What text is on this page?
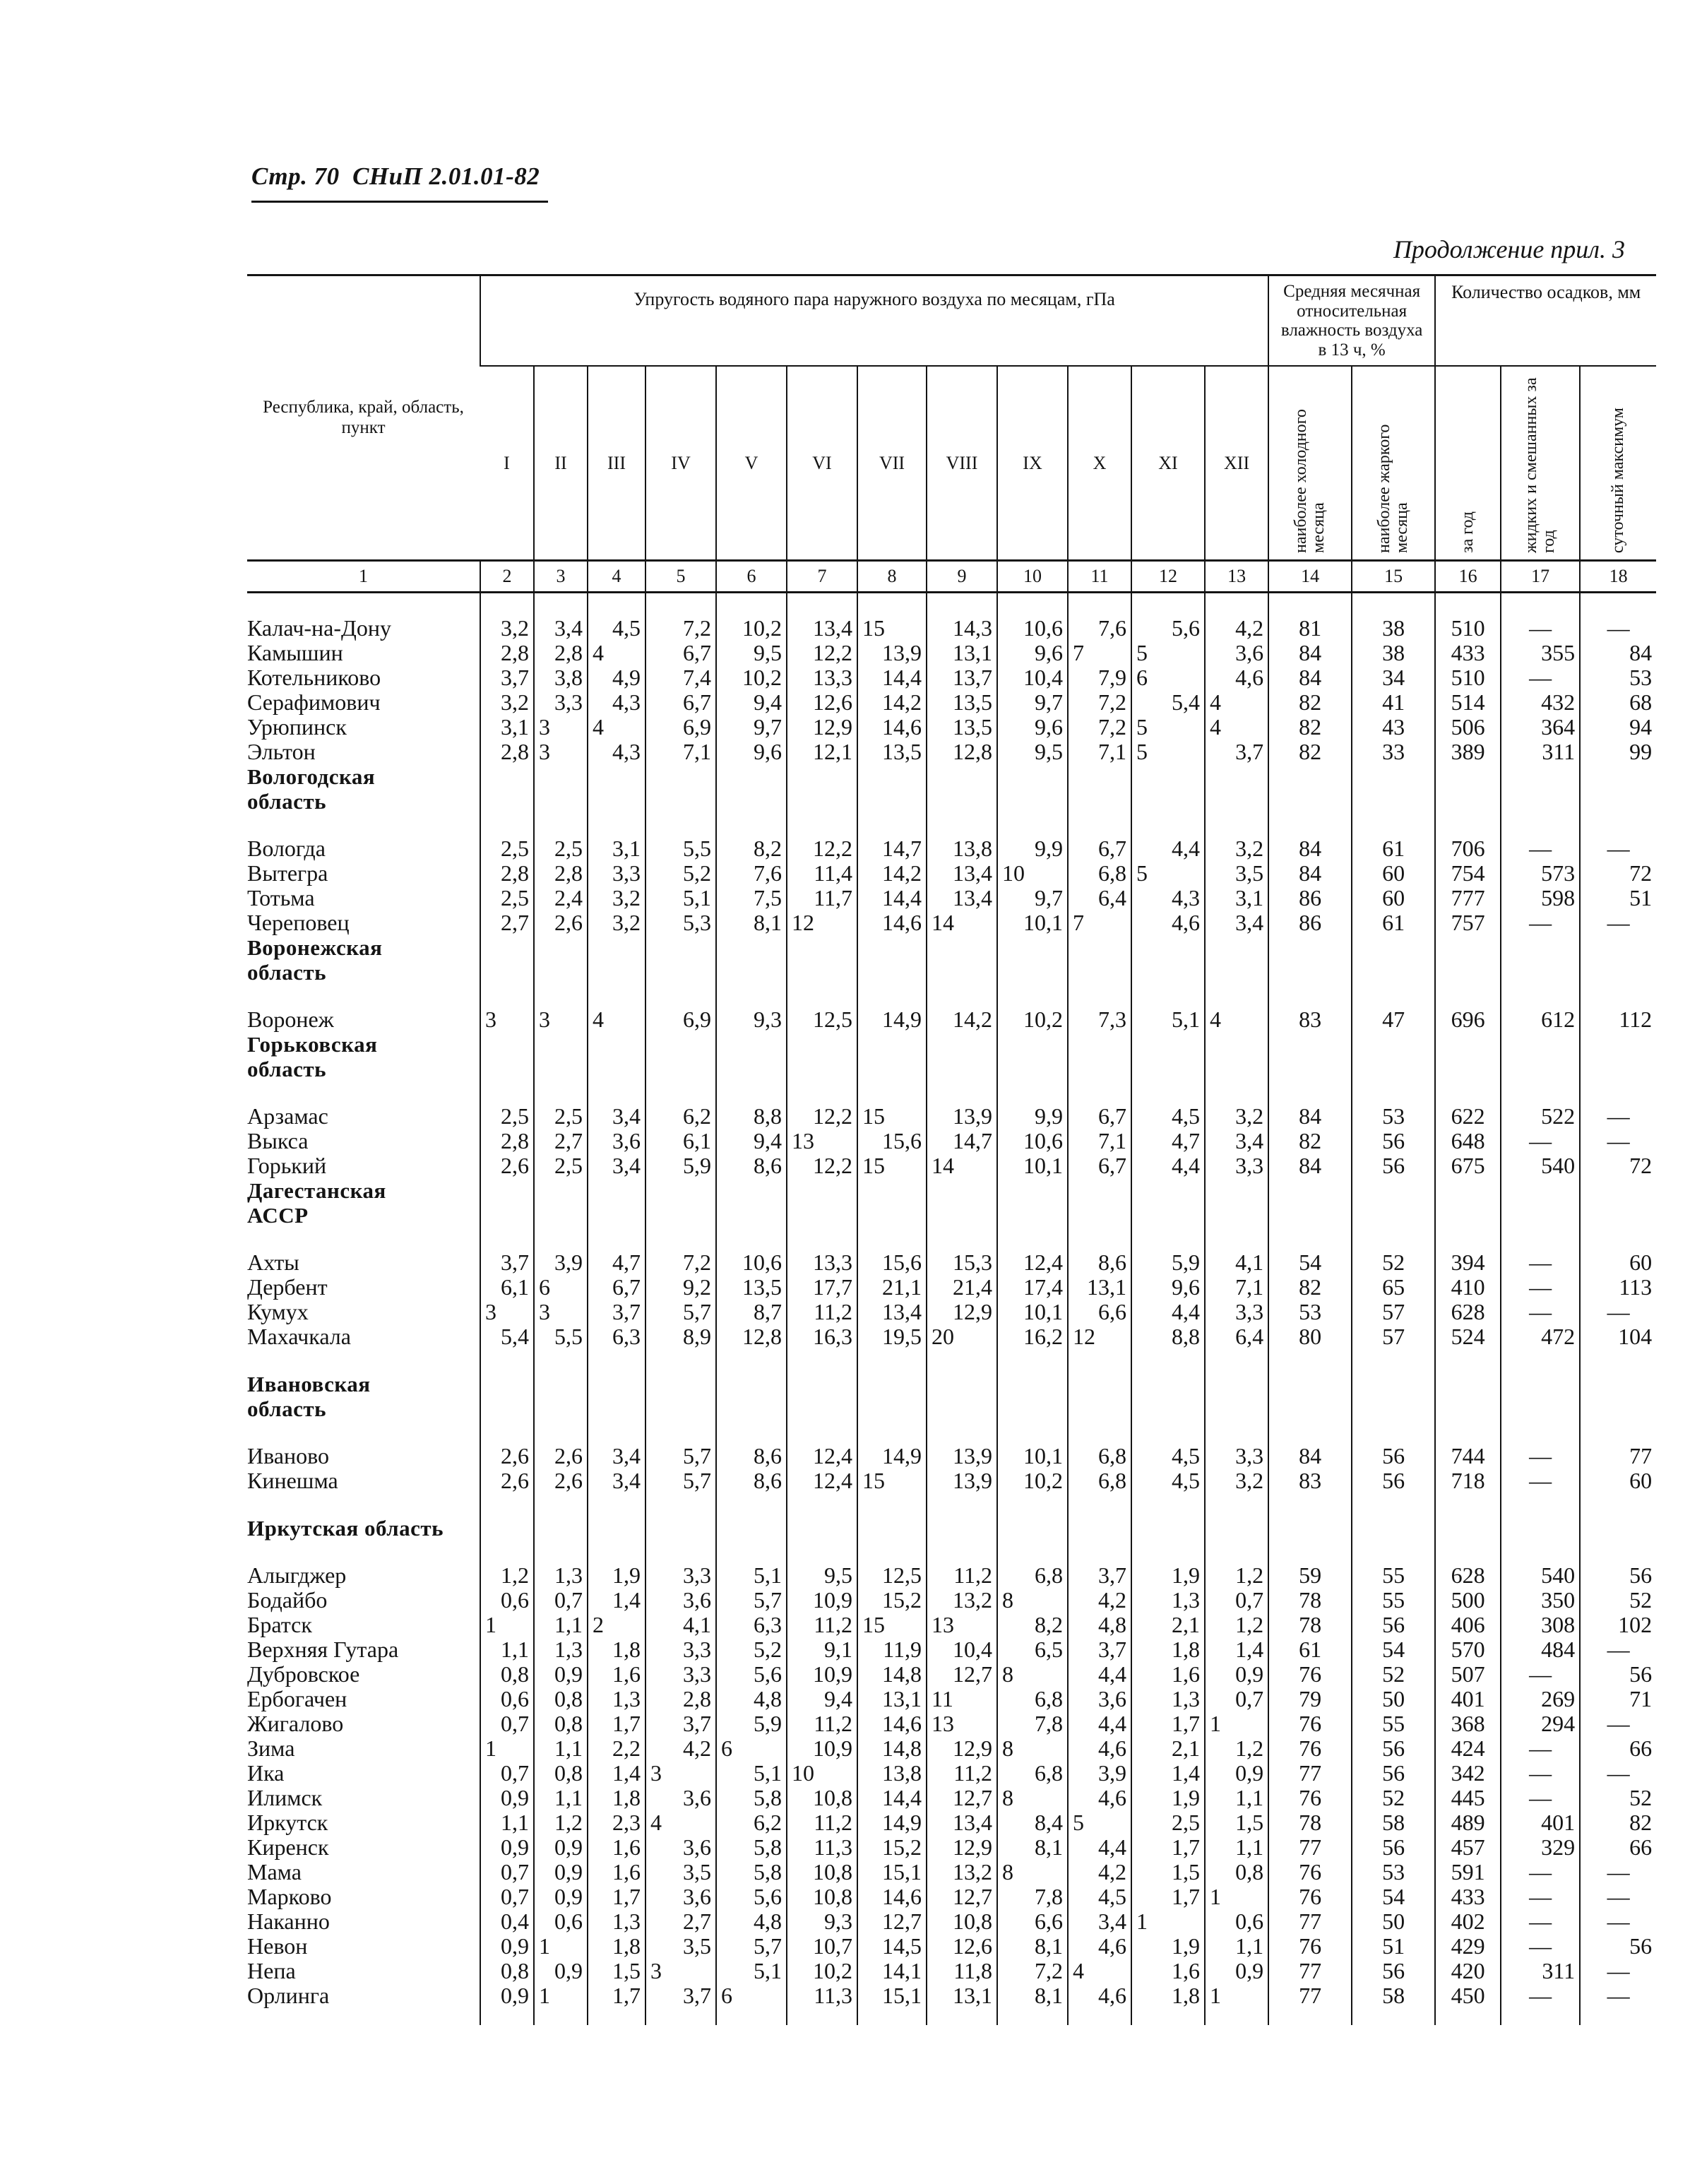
Стр. 70 СНиП 2.01.01-82
Продолжение прил. 3
Республика, край, область, пункт	Упругость водяного пара наружного воздуха по месяцам, гПа												Средняя месячная относительная влажность воздуха в 13 ч, %		Количество осадков, мм		
	I	II	III	IV	V	VI	VII	VIII	IX	X	XI	XII	наиболее холодного месяца	наиболее жаркого месяца	за год	жидких и смешанных за год	суточный максимум

1	2	3	4	5	6	7	8	9	10	11	12	13	14	15	16	17	18

Калач-на-Дону	3,2	3,4	4,5	7,2	10,2	13,4	15	14,3	10,6	7,6	5,6	4,2	81	38	510	—	—
Камышин	2,8	2,8	4	6,7	9,5	12,2	13,9	13,1	9,6	7	5	3,6	84	38	433	355	84
Котельниково	3,7	3,8	4,9	7,4	10,2	13,3	14,4	13,7	10,4	7,9	6	4,6	84	34	510	—	53
Серафимович	3,2	3,3	4,3	6,7	9,4	12,6	14,2	13,5	9,7	7,2	5,4	4	82	41	514	432	68
Урюпинск	3,1	3	4	6,9	9,7	12,9	14,6	13,5	9,6	7,2	5	4	82	43	506	364	94
Эльтон	2,8	3	4,3	7,1	9,6	12,1	13,5	12,8	9,5	7,1	5	3,7	82	33	389	311	99
Вологодская																	
область																	

Вологда	2,5	2,5	3,1	5,5	8,2	12,2	14,7	13,8	9,9	6,7	4,4	3,2	84	61	706	—	—
Вытегра	2,8	2,8	3,3	5,2	7,6	11,4	14,2	13,4	10	6,8	5	3,5	84	60	754	573	72
Тотьма	2,5	2,4	3,2	5,1	7,5	11,7	14,4	13,4	9,7	6,4	4,3	3,1	86	60	777	598	51
Череповец	2,7	2,6	3,2	5,3	8,1	12	14,6	14	10,1	7	4,6	3,4	86	61	757	—	—
Воронежская																	
область																	

Воронеж	3	3	4	6,9	9,3	12,5	14,9	14,2	10,2	7,3	5,1	4	83	47	696	612	112
Горьковская																	
область																	

Арзамас	2,5	2,5	3,4	6,2	8,8	12,2	15	13,9	9,9	6,7	4,5	3,2	84	53	622	522	—
Выкса	2,8	2,7	3,6	6,1	9,4	13	15,6	14,7	10,6	7,1	4,7	3,4	82	56	648	—	—
Горький	2,6	2,5	3,4	5,9	8,6	12,2	15	14	10,1	6,7	4,4	3,3	84	56	675	540	72
Дагестанская																	
АССР																	

Ахты	3,7	3,9	4,7	7,2	10,6	13,3	15,6	15,3	12,4	8,6	5,9	4,1	54	52	394	—	60
Дербент	6,1	6	6,7	9,2	13,5	17,7	21,1	21,4	17,4	13,1	9,6	7,1	82	65	410	—	113
Кумух	3	3	3,7	5,7	8,7	11,2	13,4	12,9	10,1	6,6	4,4	3,3	53	57	628	—	—
Махачкала	5,4	5,5	6,3	8,9	12,8	16,3	19,5	20	16,2	12	8,8	6,4	80	57	524	472	104

Ивановская																	
область																	

Иваново	2,6	2,6	3,4	5,7	8,6	12,4	14,9	13,9	10,1	6,8	4,5	3,3	84	56	744	—	77
Кинешма	2,6	2,6	3,4	5,7	8,6	12,4	15	13,9	10,2	6,8	4,5	3,2	83	56	718	—	60

Иркутская область																	

Алыгджер	1,2	1,3	1,9	3,3	5,1	9,5	12,5	11,2	6,8	3,7	1,9	1,2	59	55	628	540	56
Бодайбо	0,6	0,7	1,4	3,6	5,7	10,9	15,2	13,2	8	4,2	1,3	0,7	78	55	500	350	52
Братск	1	1,1	2	4,1	6,3	11,2	15	13	8,2	4,8	2,1	1,2	78	56	406	308	102
Верхняя Гутара	1,1	1,3	1,8	3,3	5,2	9,1	11,9	10,4	6,5	3,7	1,8	1,4	61	54	570	484	—
Дубровское	0,8	0,9	1,6	3,3	5,6	10,9	14,8	12,7	8	4,4	1,6	0,9	76	52	507	—	56
Ербогачен	0,6	0,8	1,3	2,8	4,8	9,4	13,1	11	6,8	3,6	1,3	0,7	79	50	401	269	71
Жигалово	0,7	0,8	1,7	3,7	5,9	11,2	14,6	13	7,8	4,4	1,7	1	76	55	368	294	—
Зима	1	1,1	2,2	4,2	6	10,9	14,8	12,9	8	4,6	2,1	1,2	76	56	424	—	66
Ика	0,7	0,8	1,4	3	5,1	10	13,8	11,2	6,8	3,9	1,4	0,9	77	56	342	—	—
Илимск	0,9	1,1	1,8	3,6	5,8	10,8	14,4	12,7	8	4,6	1,9	1,1	76	52	445	—	52
Иркутск	1,1	1,2	2,3	4	6,2	11,2	14,9	13,4	8,4	5	2,5	1,5	78	58	489	401	82
Киренск	0,9	0,9	1,6	3,6	5,8	11,3	15,2	12,9	8,1	4,4	1,7	1,1	77	56	457	329	66
Мама	0,7	0,9	1,6	3,5	5,8	10,8	15,1	13,2	8	4,2	1,5	0,8	76	53	591	—	—
Марково	0,7	0,9	1,7	3,6	5,6	10,8	14,6	12,7	7,8	4,5	1,7	1	76	54	433	—	—
Наканно	0,4	0,6	1,3	2,7	4,8	9,3	12,7	10,8	6,6	3,4	1	0,6	77	50	402	—	—
Невон	0,9	1	1,8	3,5	5,7	10,7	14,5	12,6	8,1	4,6	1,9	1,1	76	51	429	—	56
Непа	0,8	0,9	1,5	3	5,1	10,2	14,1	11,8	7,2	4	1,6	0,9	77	56	420	311	—
Орлинга	0,9	1	1,7	3,7	6	11,3	15,1	13,1	8,1	4,6	1,8	1	77	58	450	—	—
